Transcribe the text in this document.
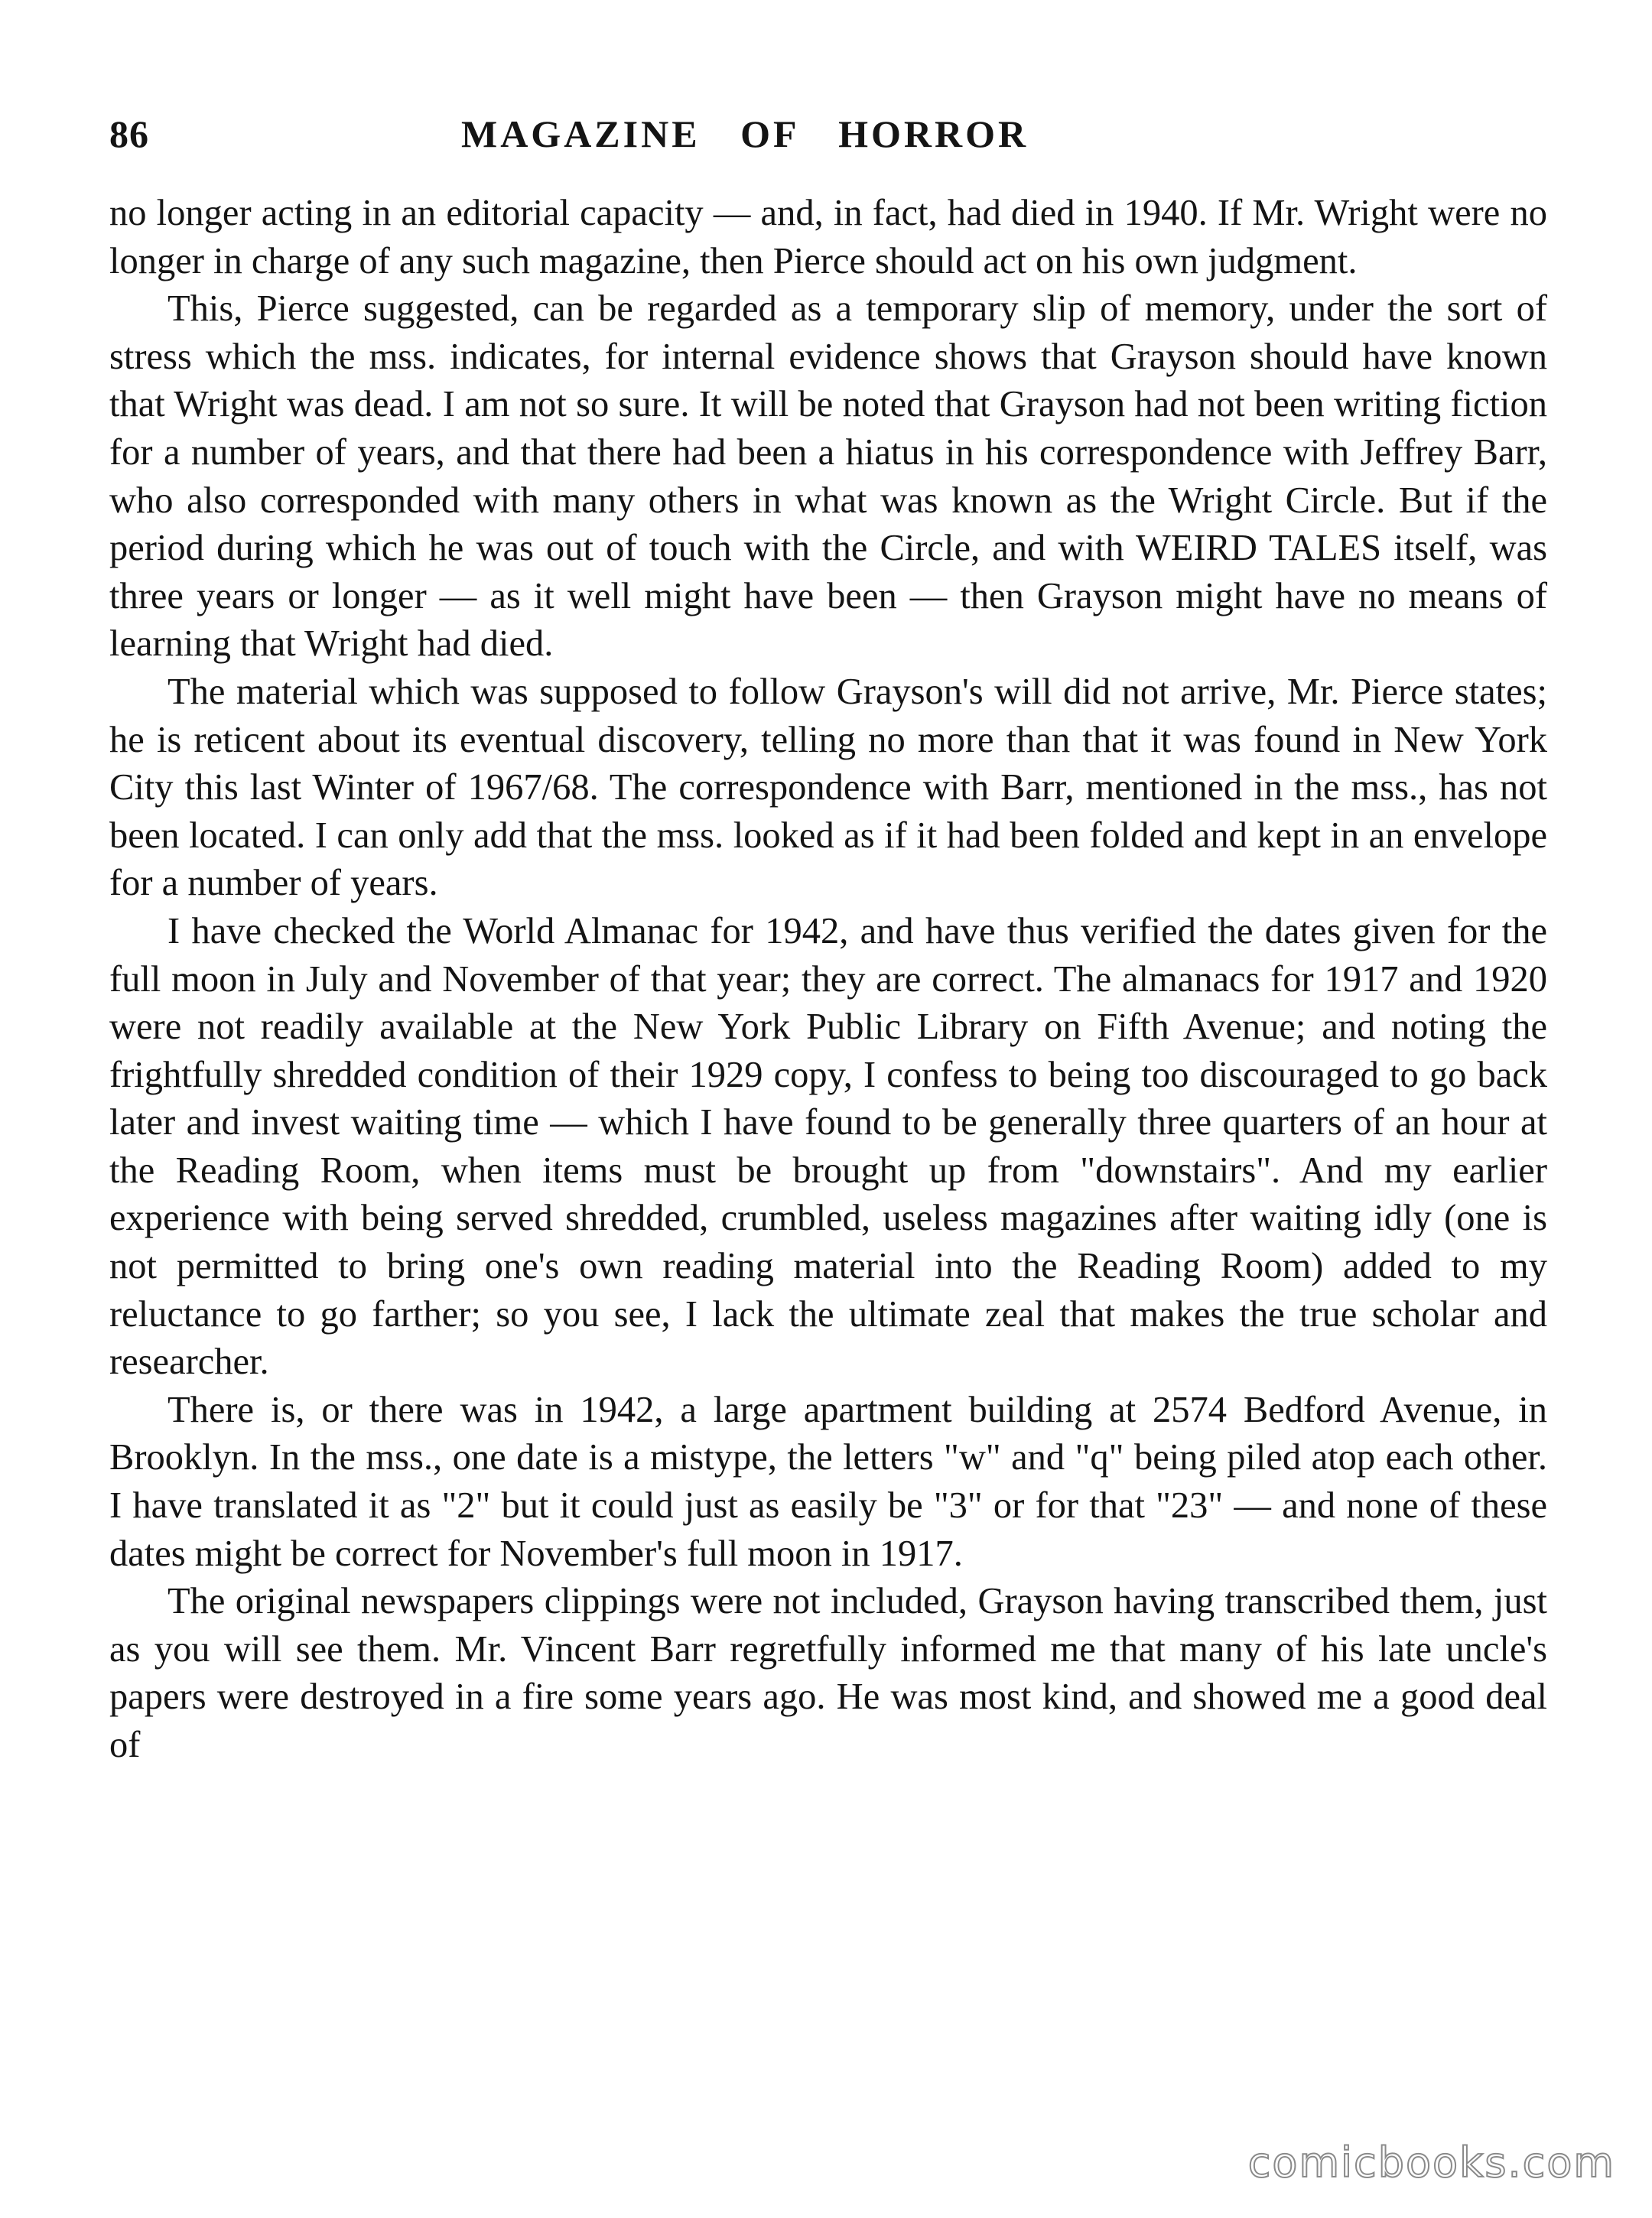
86	MAGAZINE OF HORROR

no longer acting in an editorial capacity — and, in fact, had died in 1940. If Mr. Wright were no longer in charge of any such magazine, then Pierce should act on his own judgment.

This, Pierce suggested, can be regarded as a temporary slip of memory, under the sort of stress which the mss. indicates, for internal evidence shows that Grayson should have known that Wright was dead. I am not so sure. It will be noted that Grayson had not been writing fiction for a number of years, and that there had been a hiatus in his correspondence with Jeffrey Barr, who also corresponded with many others in what was known as the Wright Circle. But if the period during which he was out of touch with the Circle, and with WEIRD TALES itself, was three years or longer — as it well might have been — then Grayson might have no means of learning that Wright had died.

The material which was supposed to follow Grayson's will did not arrive, Mr. Pierce states; he is reticent about its eventual discovery, telling no more than that it was found in New York City this last Winter of 1967/68. The correspondence with Barr, mentioned in the mss., has not been located. I can only add that the mss. looked as if it had been folded and kept in an envelope for a number of years.

I have checked the World Almanac for 1942, and have thus verified the dates given for the full moon in July and November of that year; they are correct. The almanacs for 1917 and 1920 were not readily available at the New York Public Library on Fifth Avenue; and noting the frightfully shredded condition of their 1929 copy, I confess to being too discouraged to go back later and invest waiting time — which I have found to be generally three quarters of an hour at the Reading Room, when items must be brought up from "downstairs". And my earlier experience with being served shredded, crumbled, useless magazines after waiting idly (one is not permitted to bring one's own reading material into the Reading Room) added to my reluctance to go farther; so you see, I lack the ultimate zeal that makes the true scholar and researcher.

There is, or there was in 1942, a large apartment building at 2574 Bedford Avenue, in Brooklyn. In the mss., one date is a mistype, the letters "w" and "q" being piled atop each other. I have translated it as "2" but it could just as easily be "3" or for that "23" — and none of these dates might be correct for November's full moon in 1917.

The original newspapers clippings were not included, Grayson having transcribed them, just as you will see them. Mr. Vincent Barr regretfully informed me that many of his late uncle's papers were destroyed in a fire some years ago. He was most kind, and showed me a good deal of

comicbooks.com
